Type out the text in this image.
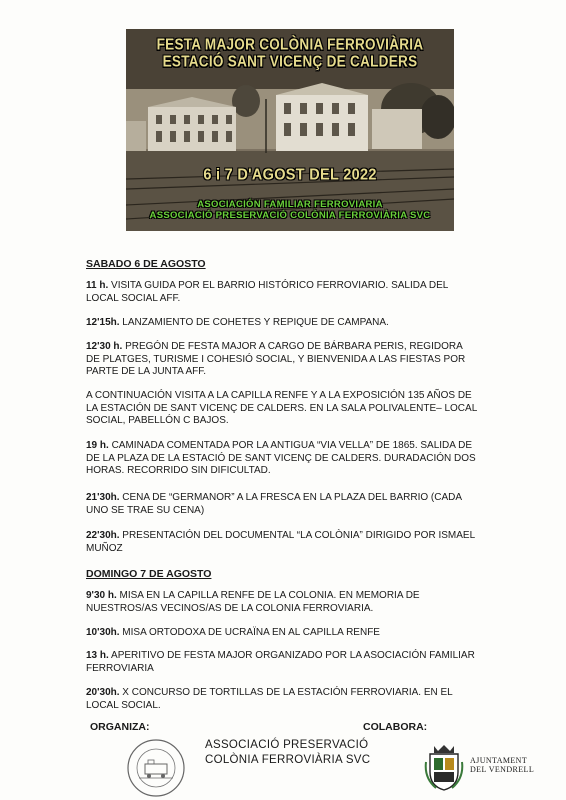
FESTA MAJOR COLÒNIA FERROVIÀRIA
ESTACIÓ SANT VICENÇ DE CALDERS
6 i 7 D'AGOST DEL 2022
ASOCIACIÓN FAMILIAR FERROVIARIA
ASSOCIACIÓ PRESERVACIÓ COLÒNIA FERROVIÀRIA SVC
SABADO 6 DE AGOSTO
11 h. VISITA GUIDA POR EL BARRIO HISTÓRICO FERROVIARIO. SALIDA DEL LOCAL SOCIAL AFF.
12'15h. LANZAMIENTO DE COHETES Y REPIQUE DE CAMPANA.
12'30 h. PREGÓN DE FESTA MAJOR A CARGO DE BÁRBARA PERIS, REGIDORA DE PLATGES, TURISME I COHESIÓ SOCIAL, Y BIENVENIDA A LAS FIESTAS POR PARTE DE LA JUNTA AFF.
A CONTINUACIÓN VISITA A LA CAPILLA RENFE Y A LA EXPOSICIÓN 135 AÑOS DE LA ESTACIÓN DE SANT VICENÇ DE CALDERS. EN LA SALA POLIVALENTE– LOCAL SOCIAL, PABELLÓN C BAJOS.
19 h. CAMINADA COMENTADA POR LA ANTIGUA “VIA VELLA” DE 1865. SALIDA DE DE LA PLAZA DE LA ESTACIÓ DE SANT VICENÇ DE CALDERS. DURADACIÓN DOS HORAS. RECORRIDO SIN DIFICULTAD.
21'30h. CENA DE “GERMANOR” A LA FRESCA EN LA PLAZA DEL BARRIO (CADA UNO SE TRAE SU CENA)
22'30h. PRESENTACIÓN DEL DOCUMENTAL “LA COLÒNIA” DIRIGIDO POR ISMAEL MUÑOZ
DOMINGO 7 DE AGOSTO
9'30 h. MISA EN LA CAPILLA RENFE DE LA COLONIA. EN MEMORIA DE NUESTROS/AS VECINOS/AS DE LA COLONIA FERROVIARIA.
10'30h. MISA ORTODOXA DE UCRAÏNA EN AL CAPILLA RENFE
13 h. APERITIVO DE FESTA MAJOR ORGANIZADO POR LA ASOCIACIÓN FAMILIAR FERROVIARIA
20'30h. X CONCURSO DE TORTILLAS DE LA ESTACIÓN FERROVIARIA. EN EL LOCAL SOCIAL.
ORGANIZA:	COLABORA:
ASSOCIACIÓ PRESERVACIÓ
COLÒNIA FERROVIÀRIA SVC	AJUNTAMENT
DEL VENDRELL
